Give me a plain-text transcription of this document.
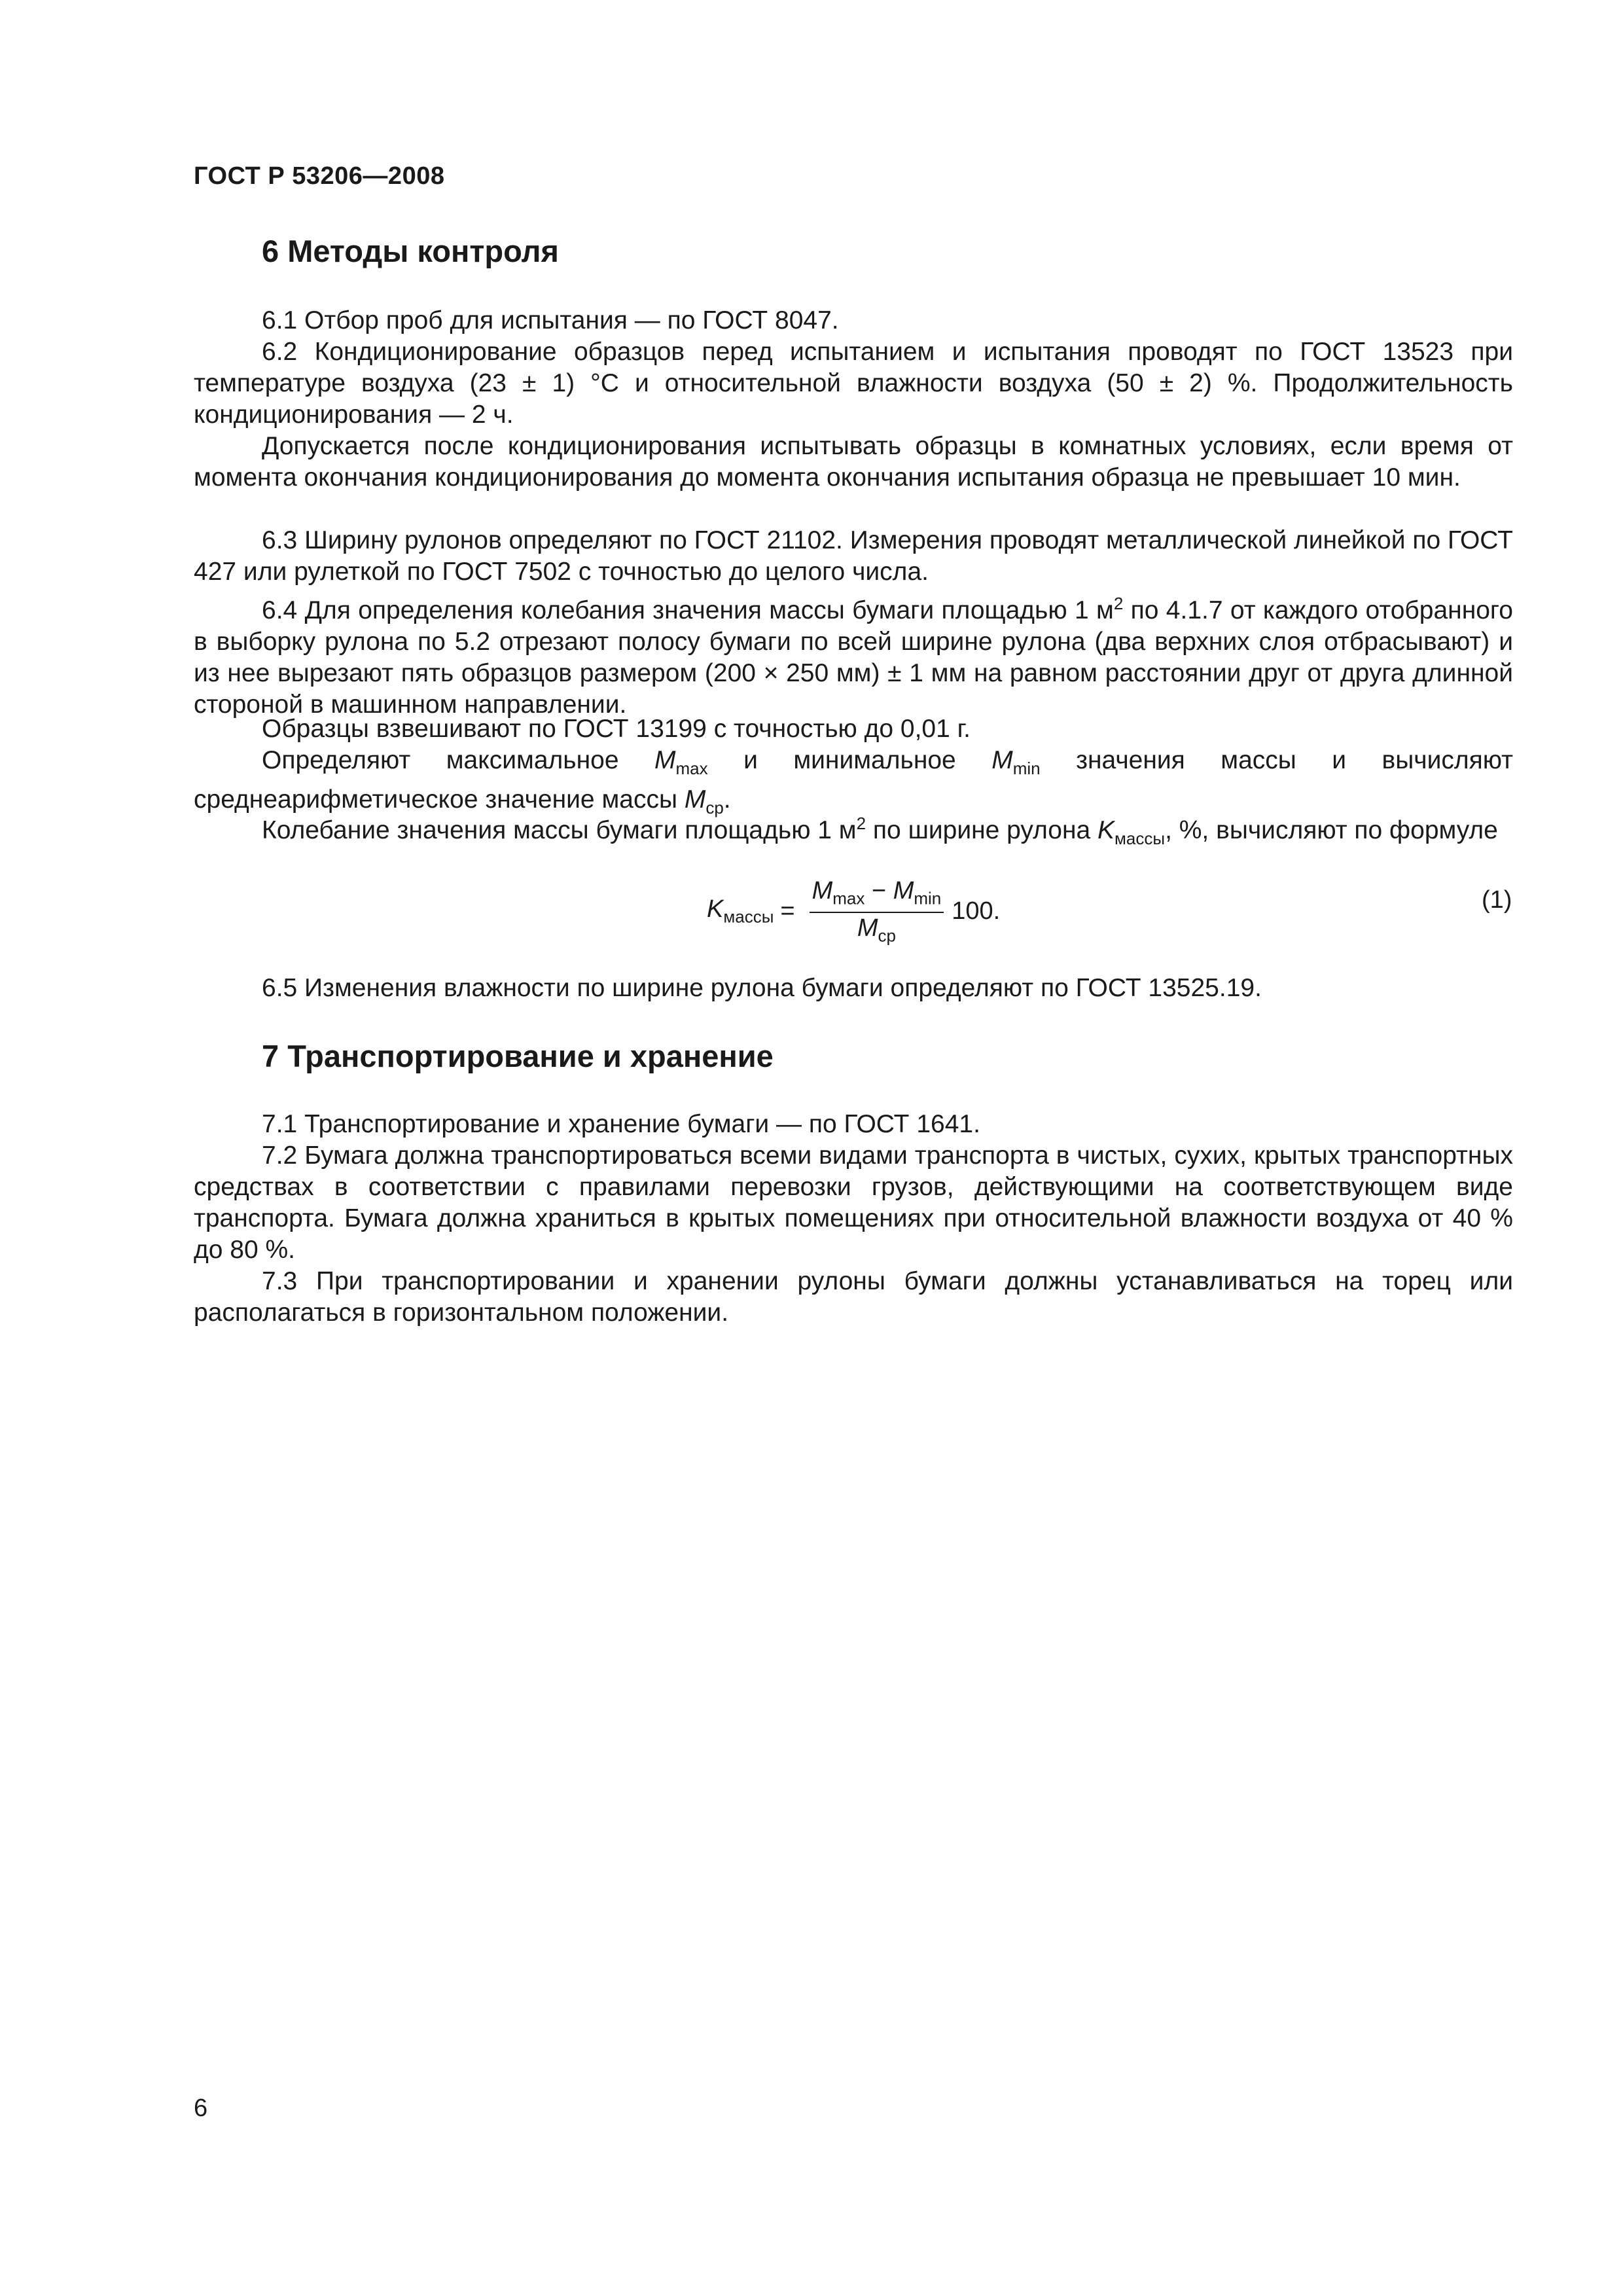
ГОСТ Р 53206—2008
6 Методы контроля
6.1 Отбор проб для испытания — по ГОСТ 8047.
6.2 Кондиционирование образцов перед испытанием и испытания проводят по ГОСТ 13523 при температуре воздуха (23 ± 1) °C и относительной влажности воздуха (50 ± 2) %. Продолжительность кондиционирования — 2 ч.
Допускается после кондиционирования испытывать образцы в комнатных условиях, если время от момента окончания кондиционирования до момента окончания испытания образца не превышает 10 мин.
6.3 Ширину рулонов определяют по ГОСТ 21102. Измерения проводят металлической линейкой по ГОСТ 427 или рулеткой по ГОСТ 7502 с точностью до целого числа.
6.4 Для определения колебания значения массы бумаги площадью 1 $м^2$ по 4.1.7 от каждого отобранного в выборку рулона по 5.2 отрезают полосу бумаги по всей ширине рулона (два верхних слоя отбрасывают) и из нее вырезают пять образцов размером (200 × 250 мм) ± 1 мм на равном расстоянии друг от друга длинной стороной в машинном направлении.
Образцы взвешивают по ГОСТ 13199 с точностью до 0,01 г.
Определяют максимальное $M_{max}$ и минимальное $M_{min}$ значения массы и вычисляют среднеарифметическое значение массы $M_{ср}$.
Колебание значения массы бумаги площадью 1 $м^2$ по ширине рулона $K_{массы}$, %, вычисляют по формуле
$K_{массы} = \frac{M_{max} - M_{min}}{M_{ср}} 100$.	(1)
6.5 Изменения влажности по ширине рулона бумаги определяют по ГОСТ 13525.19.
7 Транспортирование и хранение
7.1 Транспортирование и хранение бумаги — по ГОСТ 1641.
7.2 Бумага должна транспортироваться всеми видами транспорта в чистых, сухих, крытых транспортных средствах в соответствии с правилами перевозки грузов, действующими на соответствующем виде транспорта. Бумага должна храниться в крытых помещениях при относительной влажности воздуха от 40 % до 80 %.
7.3 При транспортировании и хранении рулоны бумаги должны устанавливаться на торец или располагаться в горизонтальном положении.
6
